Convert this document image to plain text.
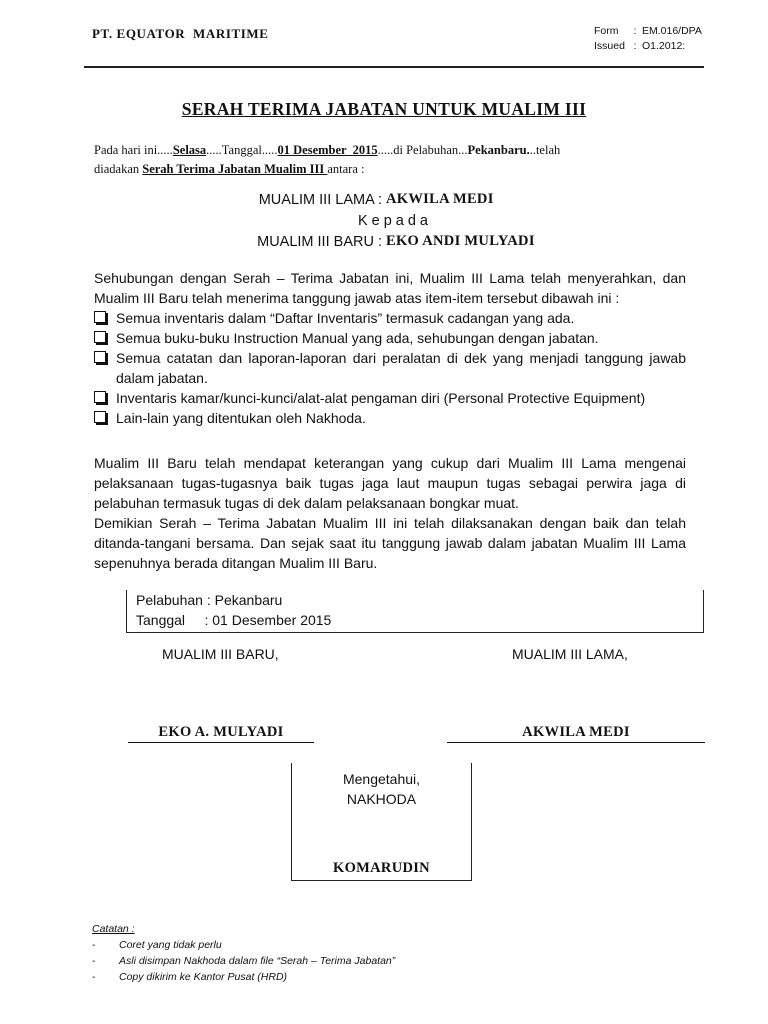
PT. EQUATOR  MARITIME	Form	: EM.016/DPA
Issued : O1.2012:
SERAH TERIMA JABATAN UNTUK MUALIM III
Pada hari ini.....Selasa.....Tanggal.....01 Desember  2015.....di Pelabuhan...Pekanbaru...telah
diadakan Serah Terima Jabatan Mualim III antara :
MUALIM III LAMA : AKWILA MEDI
Kepada
MUALIM III BARU : EKO ANDI MULYADI
Sehubungan dengan Serah – Terima Jabatan ini, Mualim III Lama telah menyerahkan, dan Mualim III Baru telah menerima tanggung jawab atas item-item tersebut dibawah ini :
Semua inventaris dalam “Daftar Inventaris” termasuk cadangan yang ada.
Semua buku-buku Instruction Manual yang ada, sehubungan dengan jabatan.
Semua catatan dan laporan-laporan dari peralatan di dek yang menjadi tanggung jawab dalam jabatan.
Inventaris kamar/kunci-kunci/alat-alat pengaman diri (Personal Protective Equipment)
Lain-lain yang ditentukan oleh Nakhoda.
Mualim III Baru telah mendapat keterangan yang cukup dari Mualim III Lama mengenai pelaksanaan tugas-tugasnya baik tugas jaga laut maupun tugas sebagai perwira jaga di pelabuhan termasuk tugas di dek dalam pelaksanaan bongkar muat.
Demikian Serah – Terima Jabatan Mualim III ini telah dilaksanakan dengan baik dan telah ditanda-tangani bersama. Dan sejak saat itu tanggung jawab dalam jabatan Mualim III Lama sepenuhnya berada ditangan Mualim III Baru.
Pelabuhan : Pekanbaru
Tanggal     : 01 Desember 2015
MUALIM III BARU,	MUALIM III LAMA,
EKO A. MULYADI	AKWILA MEDI
Mengetahui,
NAKHODA
KOMARUDIN
Catatan :
- Coret yang tidak perlu
- Asli disimpan Nakhoda dalam file “Serah – Terima Jabatan”
- Copy dikirim ke Kantor Pusat (HRD)
